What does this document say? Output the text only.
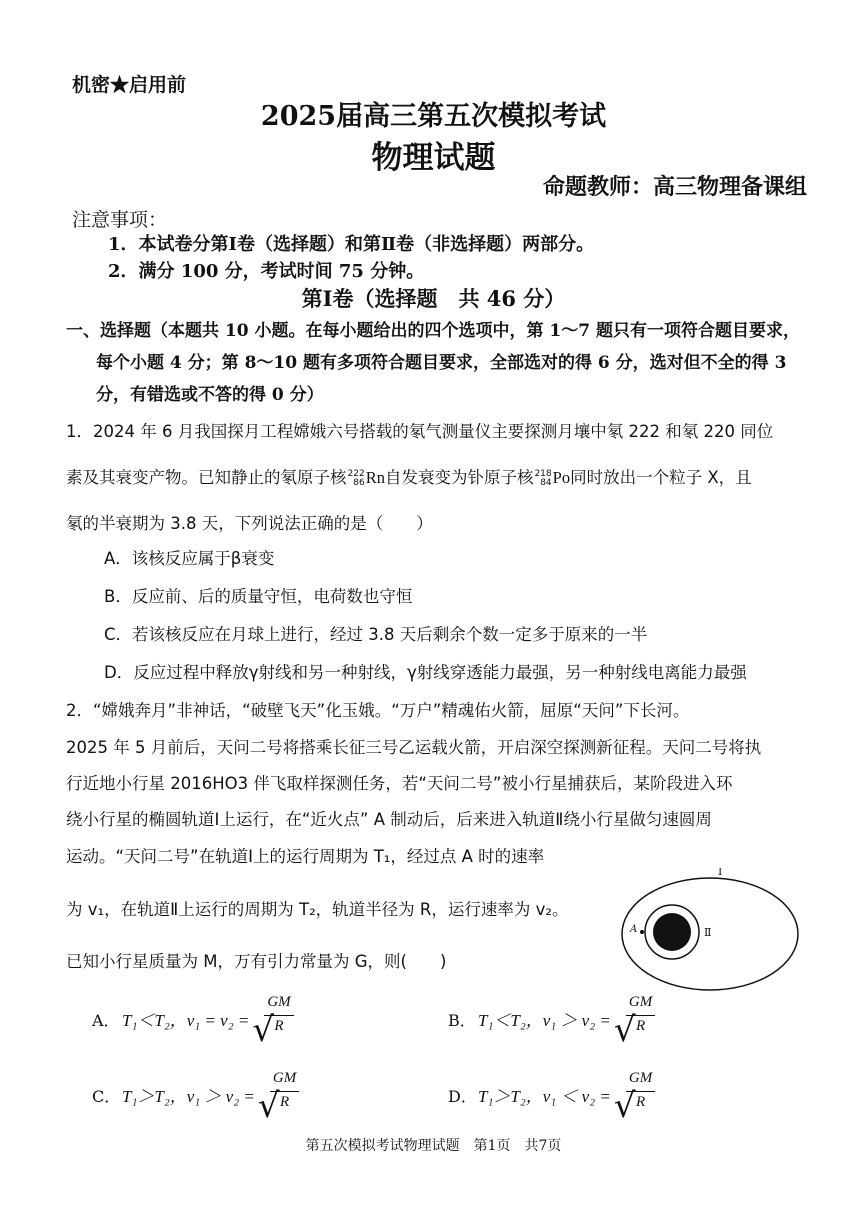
机密★启用前
2025届高三第五次模拟考试
物理试题
命题教师：高三物理备课组
注意事项：
1．本试卷分第Ⅰ卷（选择题）和第Ⅱ卷（非选择题）两部分。
2．满分 100 分，考试时间 75 分钟。
第Ⅰ卷（选择题　共 46 分）
一、选择题（本题共 10 小题。在每小题给出的四个选项中，第 1～7 题只有一项符合题目要求，
每个小题 4 分；第 8～10 题有多项符合题目要求，全部选对的得 6 分，选对但不全的得 3
分，有错选或不答的得 0 分）
1．2024 年 6 月我国探月工程嫦娥六号搭载的氡气测量仪主要探测月壤中氡 222 和氡 220 同位
素及其衰变产物。已知静止的氡原子核 222
86 Rn自发衰变为钋原子核 218
84 Po同时放出一个粒子 X，且
氡的半衰期为 3.8 天，下列说法正确的是（　　）
A．该核反应属于β衰变
B．反应前、后的质量守恒，电荷数也守恒
C．若该核反应在月球上进行，经过 3.8 天后剩余个数一定多于原来的一半
D．反应过程中释放γ射线和另一种射线，γ射线穿透能力最强，另一种射线电离能力最强
2．“嫦娥奔月”非神话，“破壁飞天”化玉娥。“万户”精魂佑火箭，屈原“天问”下长河。
2025 年 5 月前后，天问二号将搭乘长征三号乙运载火箭，开启深空探测新征程。天问二号将执
行近地小行星 2016HO3 伴飞取样探测任务，若“天问二号”被小行星捕获后，某阶段进入环
绕小行星的椭圆轨道Ⅰ上运行，在“近火点” A 制动后，后来进入轨道Ⅱ绕小行星做匀速圆周
运动。“天问二号”在轨道Ⅰ上的运行周期为 T₁，经过点 A 时的速率
为 v₁，在轨道Ⅱ上运行的周期为 T₂，轨道半径为 R，运行速率为 v₂。
已知小行星质量为 M，万有引力常量为 G，则(　　)
Ⅰ
Ⅱ
A
A． T₁＜T₂，v₁ = v₂ = √
GM
R	B． T₁＜T₂，v₁ ＞ v₂ = √
GM
R
C． T₁＞T₂，v₁ ＞ v₂ = √
GM
R	D．T₁＞T₂，v₁ ＜ v₂ = √
GM
R
第五次模拟考试物理试题　第1页　共7页
